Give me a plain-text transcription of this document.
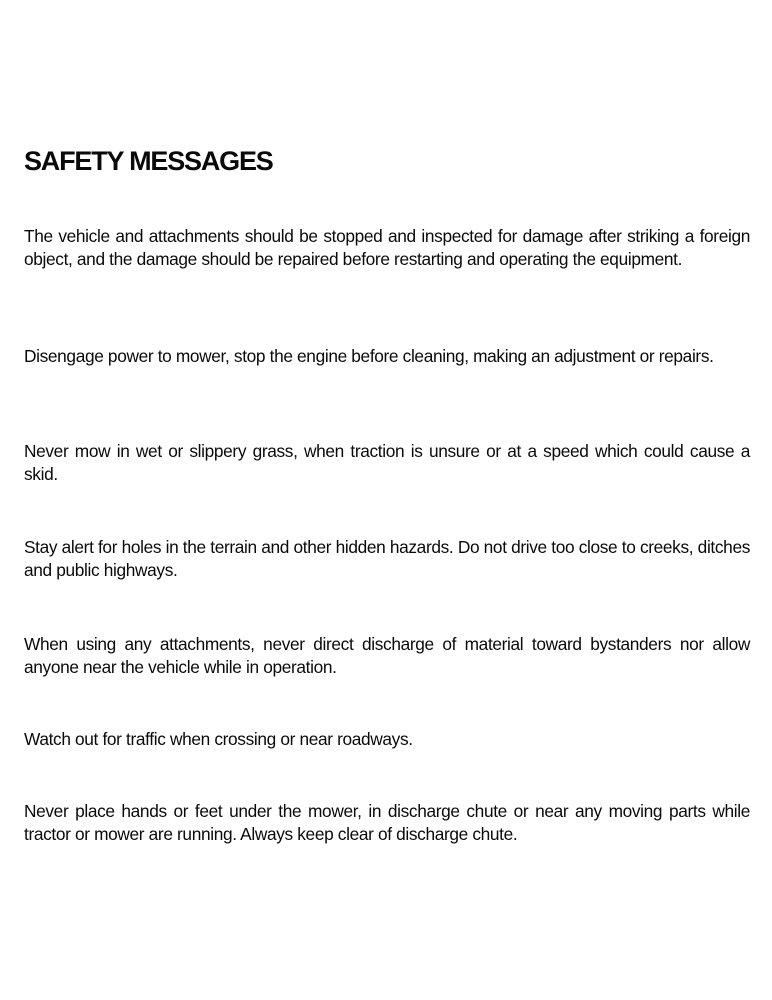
SAFETY MESSAGES

The vehicle and attachments should be stopped and inspected for damage after striking a foreign object, and the damage should be repaired before restarting and operating the equipment.

Disengage power to mower, stop the engine before cleaning, making an adjustment or repairs.

Never mow in wet or slippery grass, when traction is unsure or at a speed which could cause a skid.

Stay alert for holes in the terrain and other hidden hazards. Do not drive too close to creeks, ditches and public highways.

When using any attachments, never direct discharge of material toward bystanders nor allow anyone near the vehicle while in operation.

Watch out for traffic when crossing or near roadways.

Never place hands or feet under the mower, in discharge chute or near any moving parts while tractor or mower are running. Always keep clear of discharge chute.
